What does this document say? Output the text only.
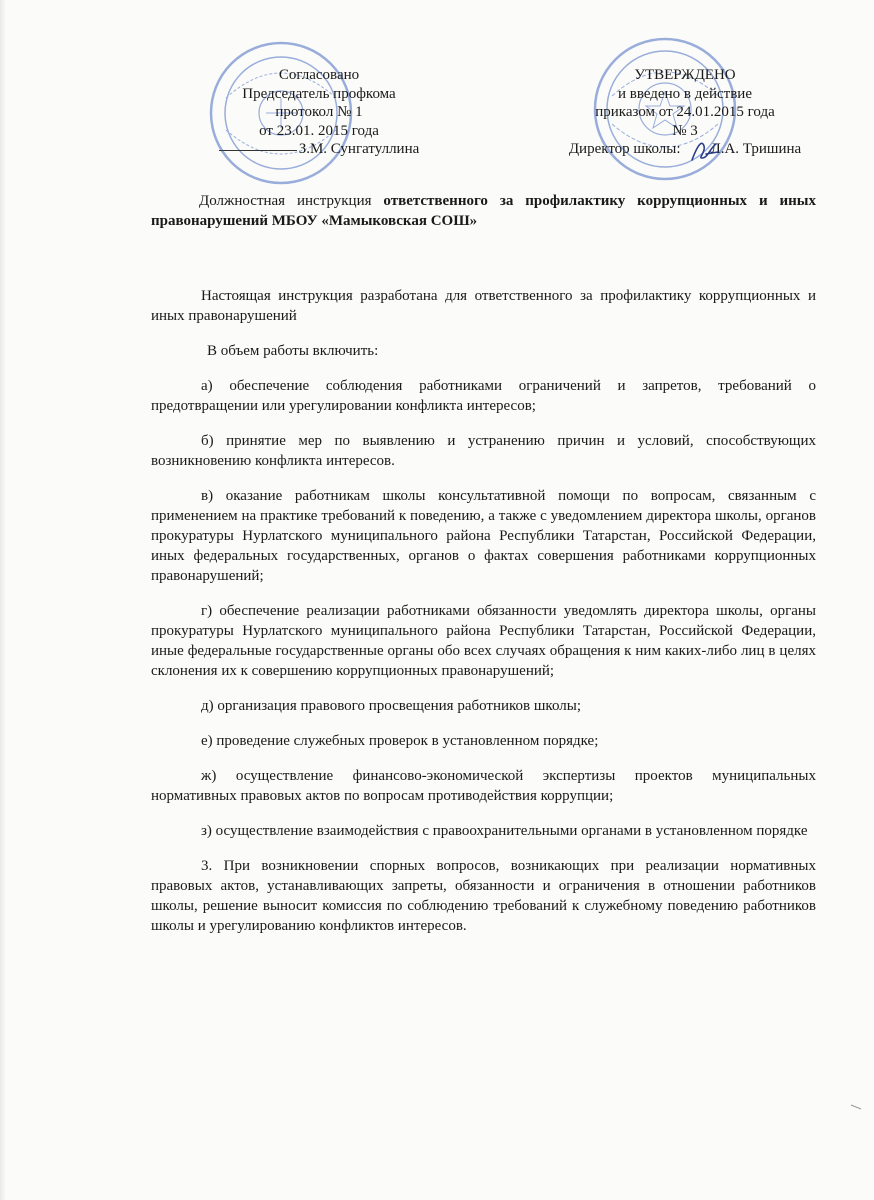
Согласовано
Председатель профкома
протокол № 1
от 23.01. 2015 года
З.М. Сунгатуллина
УТВЕРЖДЕНО
и введено в действие
приказом от 24.01.2015 года
№ 3
Директор школы: Л.А. Тришина
Должностная инструкция ответственного за профилактику коррупционных и иных правонарушений МБОУ «Мамыковская СОШ»

Настоящая инструкция разработана для ответственного за профилактику коррупционных и иных правонарушений

В объем работы включить:

а) обеспечение соблюдения работниками ограничений и запретов, требований о предотвращении или урегулировании конфликта интересов;

б) принятие мер по выявлению и устранению причин и условий, способствующих возникновению конфликта интересов.

в) оказание работникам школы консультативной помощи по вопросам, связанным с применением на практике требований к поведению, а также с уведомлением директора школы, органов прокуратуры Нурлатского муниципального района Республики Татарстан, Российской Федерации, иных федеральных государственных, органов о фактах совершения работниками коррупционных правонарушений;

г) обеспечение реализации работниками обязанности уведомлять директора школы, органы прокуратуры Нурлатского муниципального района Республики Татарстан, Российской Федерации, иные федеральные государственные органы обо всех случаях обращения к ним каких-либо лиц в целях склонения их к совершению коррупционных правонарушений;

д) организация правового просвещения работников школы;

е) проведение служебных проверок в установленном порядке;

ж) осуществление финансово-экономической экспертизы проектов муниципальных нормативных правовых актов по вопросам противодействия коррупции;

з) осуществление взаимодействия с правоохранительными органами в установленном порядке

3. При возникновении спорных вопросов, возникающих при реализации нормативных правовых актов, устанавливающих запреты, обязанности и ограничения в отношении работников школы, решение выносит комиссия по соблюдению требований к служебному поведению работников школы и урегулированию конфликтов интересов.
